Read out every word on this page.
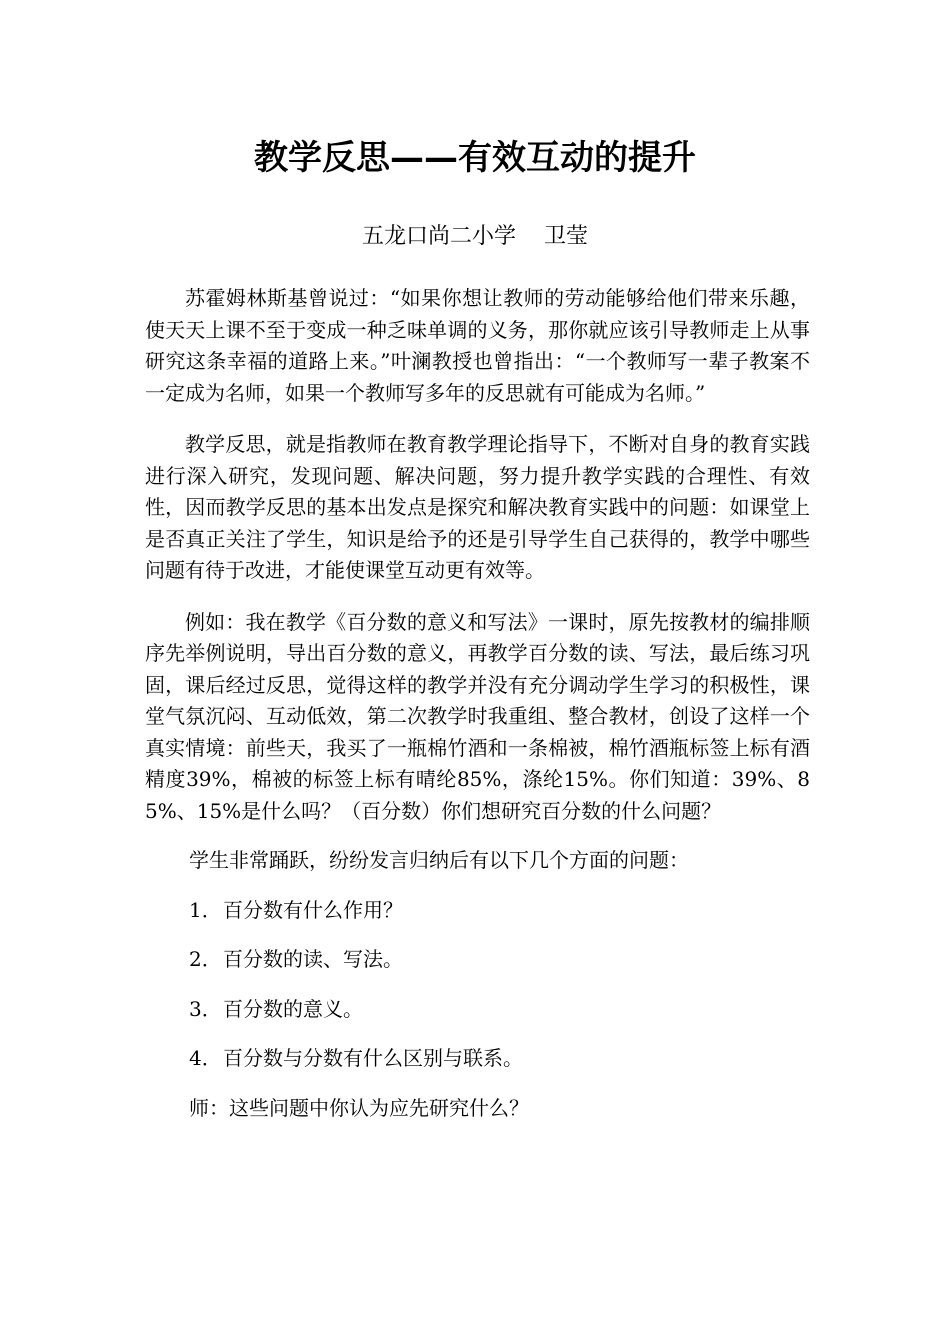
教学反思——有效互动的提升
五龙口尚二小学    卫莹

苏霍姆林斯基曾说过：“如果你想让教师的劳动能够给他们带来乐趣，使天天上课不至于变成一种乏味单调的义务，那你就应该引导教师走上从事研究这条幸福的道路上来。”叶澜教授也曾指出：“一个教师写一辈子教案不一定成为名师，如果一个教师写多年的反思就有可能成为名师。”

教学反思，就是指教师在教育教学理论指导下，不断对自身的教育实践进行深入研究，发现问题、解决问题，努力提升教学实践的合理性、有效性，因而教学反思的基本出发点是探究和解决教育实践中的问题：如课堂上是否真正关注了学生，知识是给予的还是引导学生自己获得的，教学中哪些问题有待于改进，才能使课堂互动更有效等。

例如：我在教学《百分数的意义和写法》一课时，原先按教材的编排顺序先举例说明，导出百分数的意义，再教学百分数的读、写法，最后练习巩固，课后经过反思，觉得这样的教学并没有充分调动学生学习的积极性，课堂气氛沉闷、互动低效，第二次教学时我重组、整合教材，创设了这样一个真实情境：前些天，我买了一瓶棉竹酒和一条棉被，棉竹酒瓶标签上标有酒精度39%，棉被的标签上标有晴纶85%，涤纶15%。你们知道：39%、85%、15%是什么吗？（百分数）你们想研究百分数的什么问题？

学生非常踊跃，纷纷发言归纳后有以下几个方面的问题：
1．百分数有什么作用？
2．百分数的读、写法。
3．百分数的意义。
4．百分数与分数有什么区别与联系。
师：这些问题中你认为应先研究什么？
